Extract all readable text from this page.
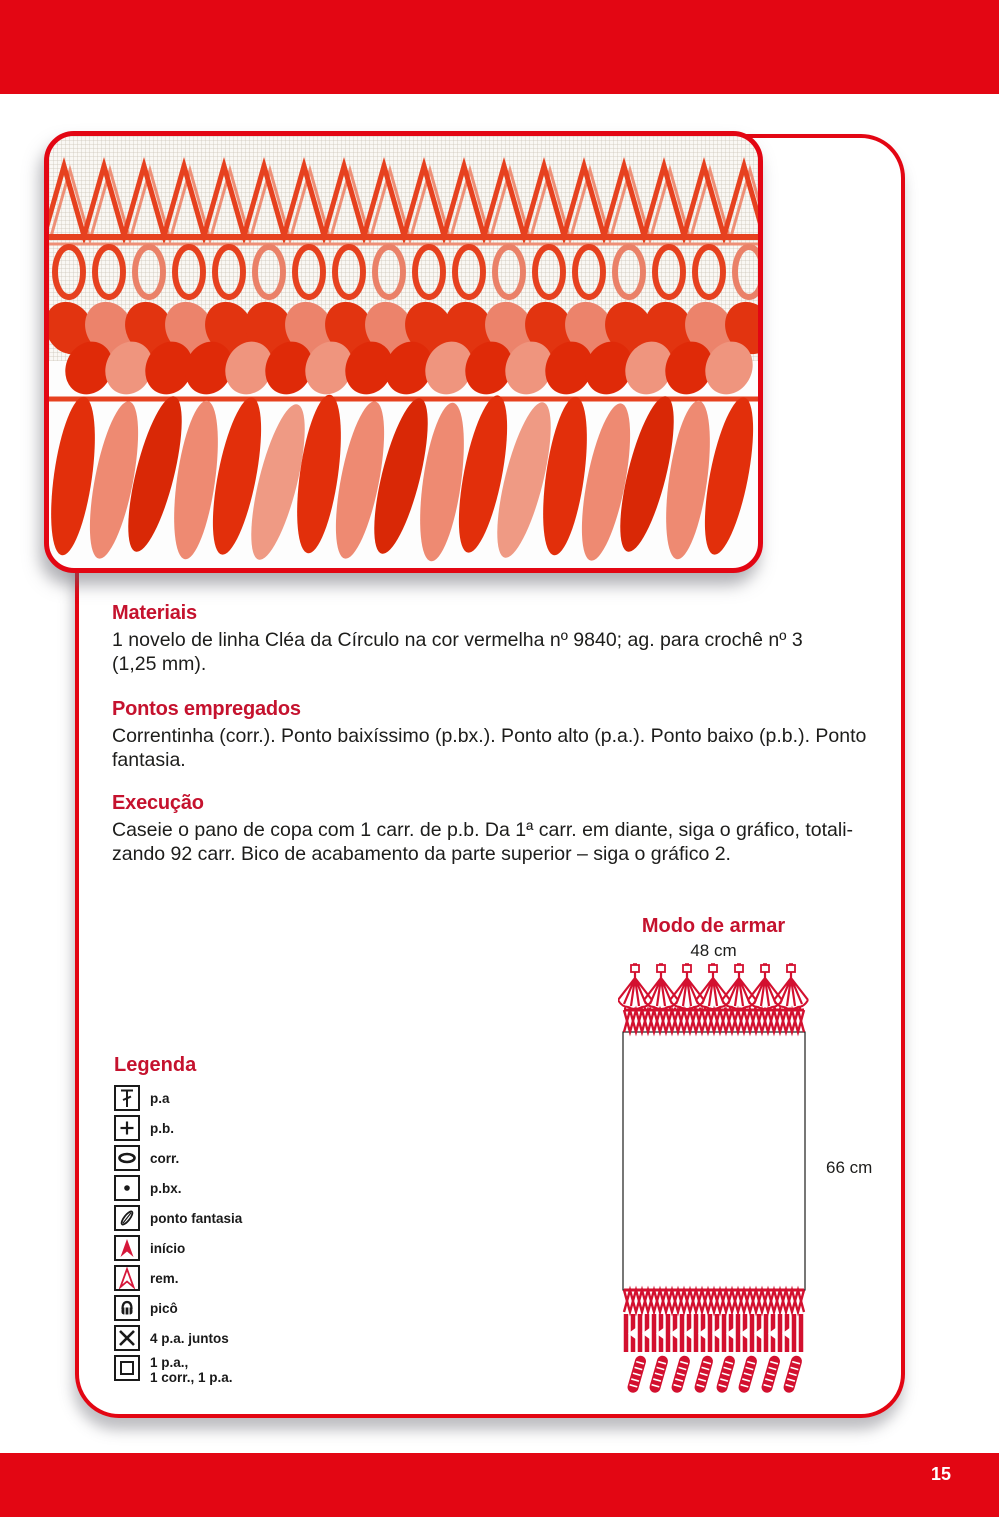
Materiais
1 novelo de linha Cléa da Círculo na cor vermelha nº 9840; ag. para crochê nº 3
(1,25 mm).
Pontos empregados
Correntinha (corr.). Ponto baixíssimo (p.bx.). Ponto alto (p.a.). Ponto baixo (p.b.). Ponto
fantasia.
Execução
Caseie o pano de copa com 1 carr. de p.b. Da 1ª carr. em diante, siga o gráfico, totali-
zando 92 carr. Bico de acabamento da parte superior – siga o gráfico 2.
Modo de armar
48 cm
66 cm
Legenda
p.a
p.b.
corr.
p.bx.
ponto fantasia
início
rem.
picô
4 p.a. juntos
1 p.a.,
1 corr., 1 p.a.
15
